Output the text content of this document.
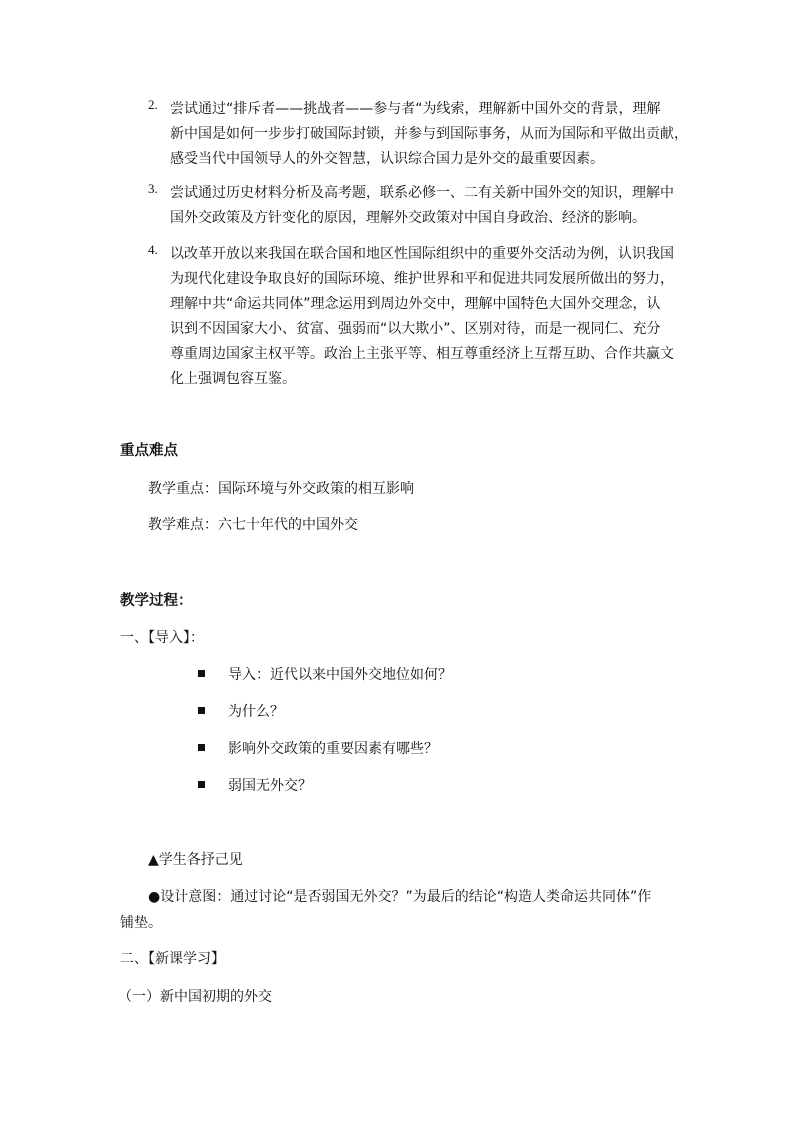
2. 尝试通过“排斥者——挑战者——参与者“为线索，理解新中国外交的背景，理解
新中国是如何一步步打破国际封锁，并参与到国际事务，从而为国际和平做出贡献，
感受当代中国领导人的外交智慧，认识综合国力是外交的最重要因素。
3. 尝试通过历史材料分析及高考题，联系必修一、二有关新中国外交的知识，理解中
国外交政策及方针变化的原因，理解外交政策对中国自身政治、经济的影响。
4. 以改革开放以来我国在联合国和地区性国际组织中的重要外交活动为例，认识我国
为现代化建设争取良好的国际环境、维护世界和平和促进共同发展所做出的努力，
理解中共“命运共同体”理念运用到周边外交中，理解中国特色大国外交理念，认
识到不因国家大小、贫富、强弱而“以大欺小”、区别对待，而是一视同仁、充分
尊重周边国家主权平等。政治上主张平等、相互尊重经济上互帮互助、合作共赢文
化上强调包容互鉴。
重点难点
教学重点：国际环境与外交政策的相互影响
教学难点：六七十年代的中国外交
教学过程：
一、【导入】：
导入：近代以来中国外交地位如何？
为什么？
影响外交政策的重要因素有哪些？
弱国无外交？
▲学生各抒己见
●设计意图：通过讨论“是否弱国无外交？”为最后的结论“构造人类命运共同体”作
铺垫。
二、【新课学习】
（一）新中国初期的外交
